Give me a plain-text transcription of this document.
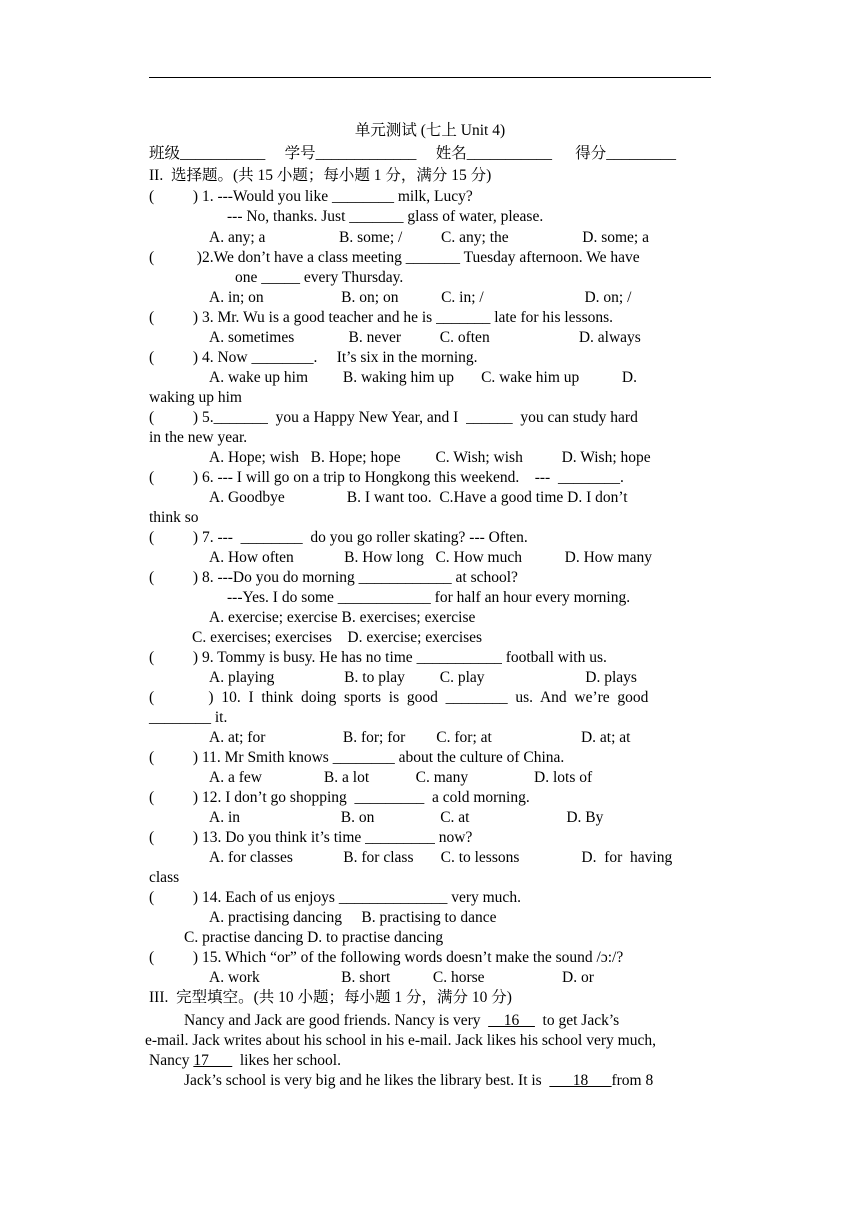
单元测试 (七上 Unit 4)
班级___________     学号_____________     姓名___________      得分_________
II.  选择题。(共 15 小题；每小题 1 分，满分 15 分)
(          ) 1. ---Would you like ________ milk, Lucy?
--- No, thanks. Just _______ glass of water, please.
A. any; a                   B. some; /          C. any; the                   D. some; a
(           )2.We don’t have a class meeting _______ Tuesday afternoon. We have
one _____ every Thursday.
A. in; on                    B. on; on           C. in; /                          D. on; /
(          ) 3. Mr. Wu is a good teacher and he is _______ late for his lessons.
A. sometimes              B. never          C. often                       D. always
(          ) 4. Now ________.     It’s six in the morning.
A. wake up him         B. waking him up       C. wake him up           D.
waking up him
(          ) 5._______  you a Happy New Year, and I  ______  you can study hard
in the new year.
A. Hope; wish   B. Hope; hope         C. Wish; wish          D. Wish; hope
(          ) 6. --- I will go on a trip to Hongkong this weekend.    ---  ________.
A. Goodbye                B. I want too.  C.Have a good time D. I don’t
think so
(          ) 7. ---  ________  do you go roller skating? --- Often.
A. How often             B. How long   C. How much           D. How many
(          ) 8. ---Do you do morning ____________ at school?
---Yes. I do some ____________ for half an hour every morning.
A. exercise; exercise B. exercises; exercise
C. exercises; exercises    D. exercise; exercises
(          ) 9. Tommy is busy. He has no time ___________ football with us.
A. playing                  B. to play         C. play                          D. plays
(              )  10.  I  think  doing  sports  is  good  ________  us.  And  we’re  good
________ it.
A. at; for                    B. for; for        C. for; at                       D. at; at
(          ) 11. Mr Smith knows ________ about the culture of China.
A. a few                B. a lot            C. many                 D. lots of
(          ) 12. I don’t go shopping  _________  a cold morning.
A. in                          B. on                 C. at                         D. By
(          ) 13. Do you think it’s time _________ now?
A. for classes             B. for class       C. to lessons                D.  for  having
class
(          ) 14. Each of us enjoys ______________ very much.
A. practising dancing     B. practising to dance
C. practise dancing D. to practise dancing
(          ) 15. Which “or” of the following words doesn’t make the sound /ɔ:/?
A. work                     B. short           C. horse                    D. or
III.  完型填空。(共 10 小题；每小题 1 分，满分 10 分)
Nancy and Jack are good friends. Nancy is very  __16__  to get Jack’s
e-mail. Jack writes about his school in his e-mail. Jack likes his school very much,
Nancy 17___  likes her school.
Jack’s school is very big and he likes the library best. It is  ___18___from 8
